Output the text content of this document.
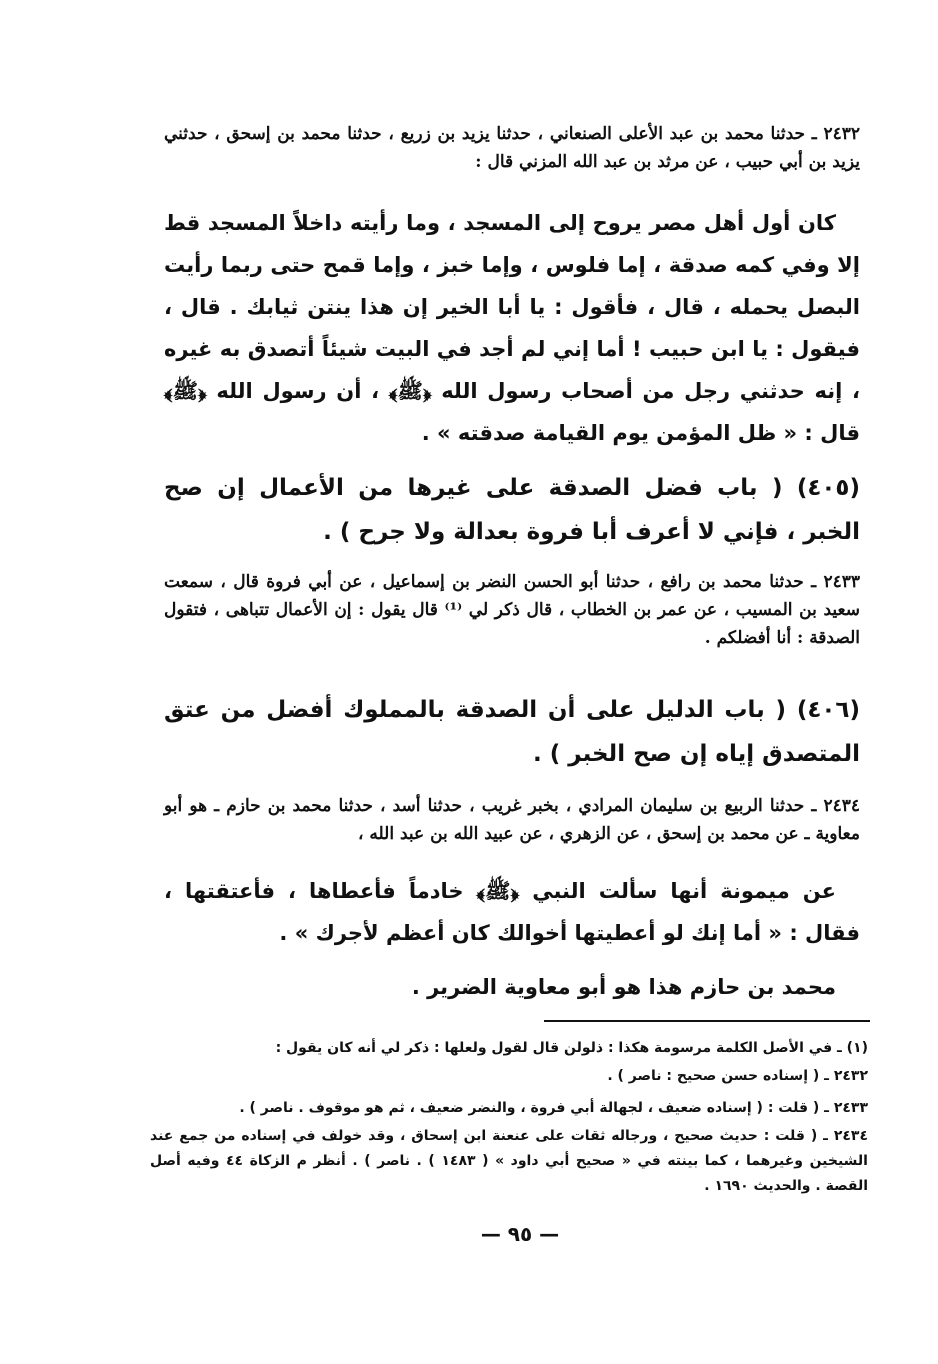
٢٤٣٢ ـ حدثنا محمد بن عبد الأعلى الصنعاني ، حدثنا يزيد بن زريع ، حدثنا محمد بن إسحق ، حدثني يزيد بن أبي حبيب ، عن مرثد بن عبد الله المزني قال :

كان أول أهل مصر يروح إلى المسجد ، وما رأيته داخلاً المسجد قط إلا وفي كمه صدقة ، إما فلوس ، وإما خبز ، وإما قمح حتى ربما رأيت البصل يحمله ، قال ، فأقول : يا أبا الخير إن هذا ينتن ثيابك . قال ، فيقول : يا ابن حبيب ! أما إني لم أجد في البيت شيئاً أتصدق به غيره ، إنه حدثني رجل من أصحاب رسول الله ﴿ﷺ﴾ ، أن رسول الله ﴿ﷺ﴾ قال : « ظل المؤمن يوم القيامة صدقته » .

(٤٠٥) ( باب فضل الصدقة على غيرها من الأعمال إن صح الخبر ، فإني لا أعرف أبا فروة بعدالة ولا جرح ) .

٢٤٣٣ ـ حدثنا محمد بن رافع ، حدثنا أبو الحسن النضر بن إسماعيل ، عن أبي فروة قال ، سمعت سعيد بن المسيب ، عن عمر بن الخطاب ، قال ذكر لي ⁽¹⁾ قال يقول : إن الأعمال تتباهى ، فتقول الصدقة : أنا أفضلكم .

(٤٠٦) ( باب الدليل على أن الصدقة بالمملوك أفضل من عتق المتصدق إياه إن صح الخبر ) .

٢٤٣٤ ـ حدثنا الربيع بن سليمان المرادي ، بخبر غريب ، حدثنا أسد ، حدثنا محمد بن حازم ـ هو أبو معاوية ـ عن محمد بن إسحق ، عن الزهري ، عن عبيد الله بن عبد الله ،

عن ميمونة أنها سألت النبي ﴿ﷺ﴾ خادماً فأعطاها ، فأعتقتها ، فقال : « أما إنك لو أعطيتها أخوالك كان أعظم لأجرك » .

محمد بن حازم هذا هو أبو معاوية الضرير .

(١) ـ في الأصل الكلمة مرسومة هكذا : ذلولن قال لقول ولعلها : ذكر لي أنه كان يقول :

٢٤٣٢ ـ ( إسناده حسن صحيح : ناصر ) .

٢٤٣٣ ـ ( قلت : ( إسناده ضعيف ، لجهالة أبي فروة ، والنضر ضعيف ، ثم هو موقوف . ناصر ) .

٢٤٣٤ ـ ( قلت : حديث صحيح ، ورجاله ثقات على عنعنة ابن إسحاق ، وقد خولف في إسناده من جمع عند الشيخين وغيرهما ، كما بينته في « صحيح أبي داود » ( ١٤٨٣ ) . ناصر ) . أنظر م الزكاة ٤٤ وفيه أصل القصة . والحديث ١٦٩٠ .

— ٩٥ —
